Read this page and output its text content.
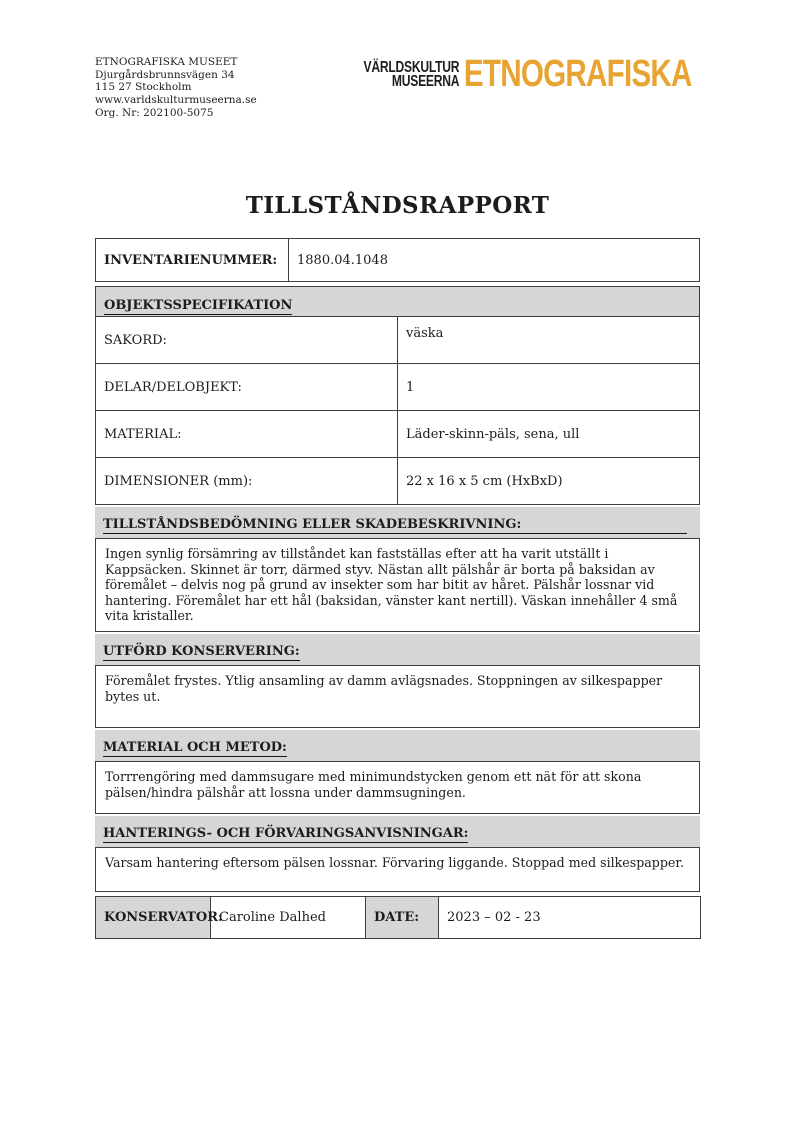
ETNOGRAFISKA MUSEET
Djurgårdsbrunnsvägen 34
115 27 Stockholm
www.varldskulturmuseerna.se
Org. Nr: 202100-5075
VÄRLDSKULTUR
MUSEERNA ETNOGRAFISKA
TILLSTÅNDSRAPPORT
INVENTARIENUMMER:	1880.04.1048
OBJEKTSSPECIFIKATION	
SAKORD:	väska
DELAR/DELOBJEKT:	1
MATERIAL:	Läder-skinn-päls, sena, ull
DIMENSIONER (mm):	22 x 16 x 5 cm (HxBxD)
TILLSTÅNDSBEDÖMNING ELLER SKADEBESKRIVNING:
Ingen synlig försämring av tillståndet kan fastställas efter att ha varit utställt i Kappsäcken. Skinnet är torr, därmed styv. Nästan allt pälshår är borta på baksidan av föremålet – delvis nog på grund av insekter som har bitit av håret. Pälshår lossnar vid hantering. Föremålet har ett hål (baksidan, vänster kant nertill). Väskan innehåller 4 små vita kristaller.
UTFÖRD KONSERVERING:
Föremålet frystes. Ytlig ansamling av damm avlägsnades. Stoppningen av silkespapper bytes ut.
MATERIAL OCH METOD:
Torrrengöring med dammsugare med minimundstycken genom ett nät för att skona pälsen/hindra pälshår att lossna under dammsugningen.
HANTERINGS- OCH FÖRVARINGSANVISNINGAR:
Varsam hantering eftersom pälsen lossnar. Förvaring liggande. Stoppad med silkespapper.
KONSERVATOR:	Caroline Dalhed	DATE:	2023 – 02 - 23
